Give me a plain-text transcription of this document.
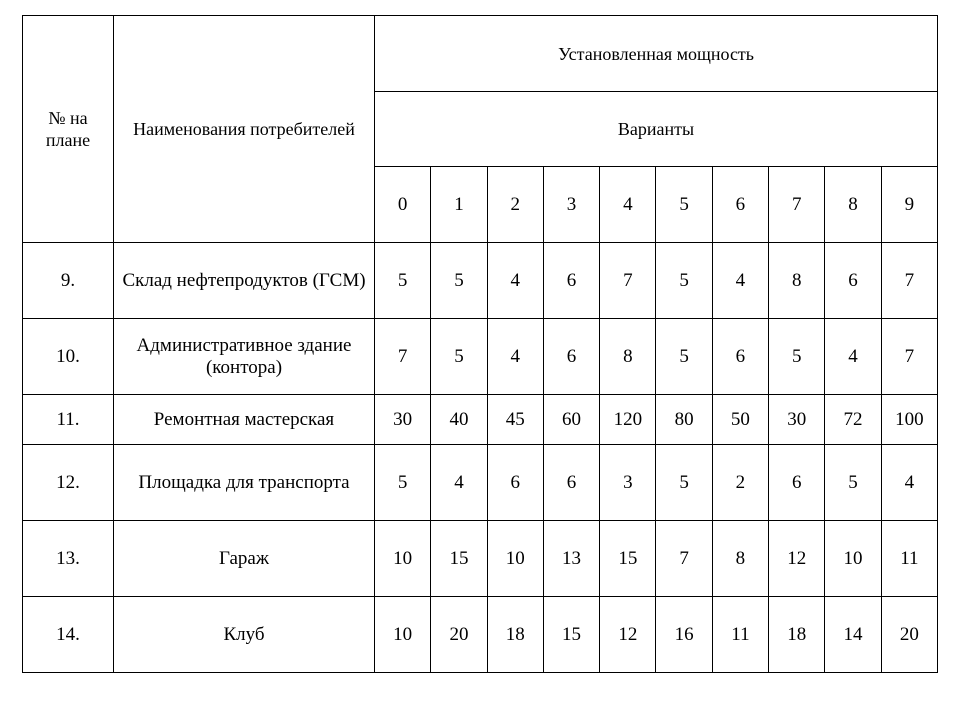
№ на плане	Наименования потребителей	Установленная мощность									
		Варианты									
		0	1	2	3	4	5	6	7	8	9
9.	Склад нефтепродуктов (ГСМ)	5	5	4	6	7	5	4	8	6	7
10.	Административное здание (контора)	7	5	4	6	8	5	6	5	4	7
11.	Ремонтная мастерская	30	40	45	60	120	80	50	30	72	100
12.	Площадка для транспорта	5	4	6	6	3	5	2	6	5	4
13.	Гараж	10	15	10	13	15	7	8	12	10	11
14.	Клуб	10	20	18	15	12	16	11	18	14	20
